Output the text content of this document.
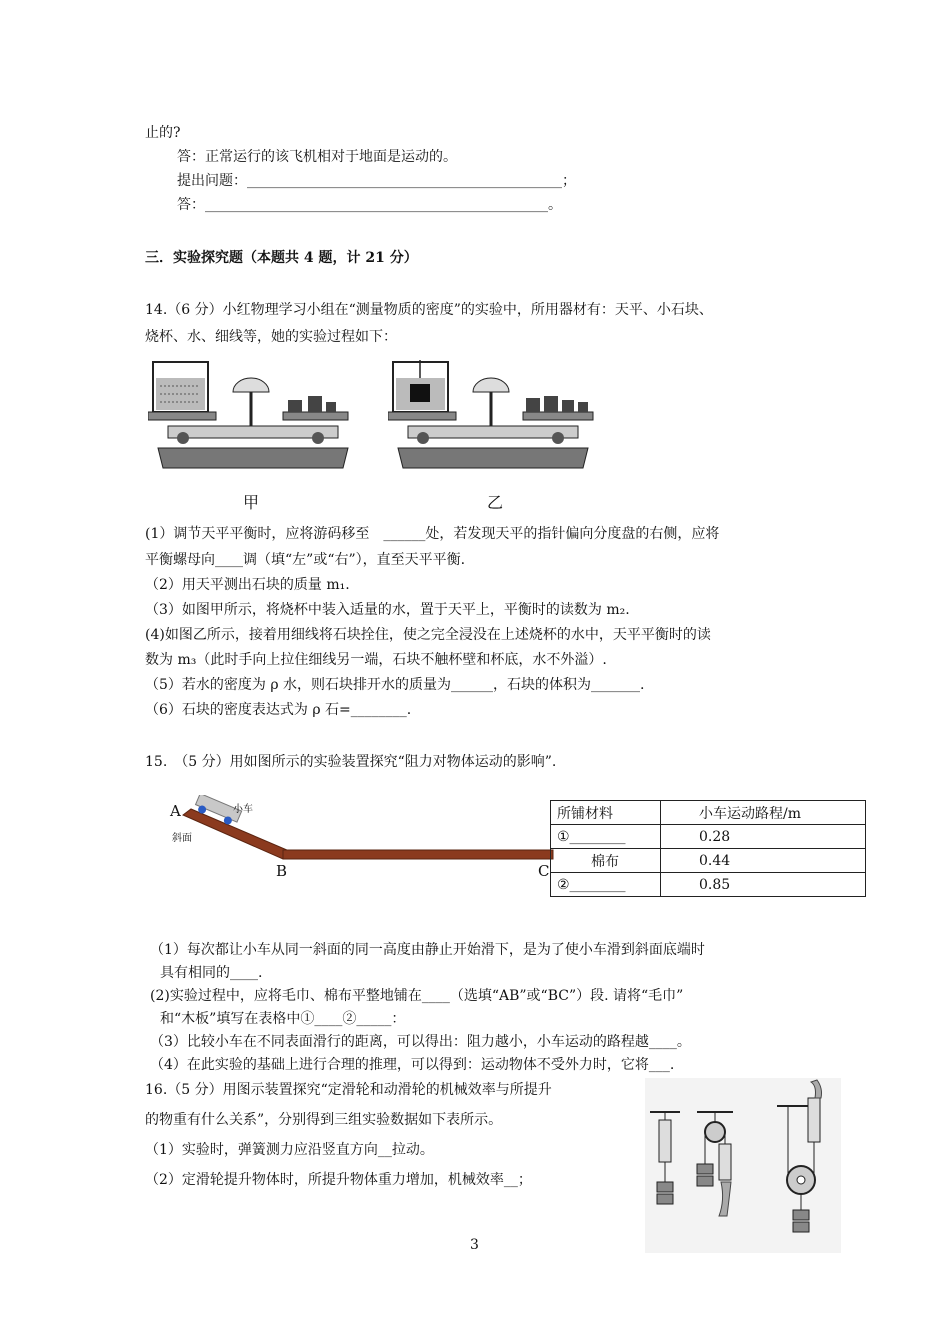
止的?
答：正常运行的该飞机相对于地面是运动的。
提出问题：_____________________________________________；
答：_________________________________________________。
三．实验探究题（本题共 4 题，计 21 分）
14.（6 分）小红物理学习小组在“测量物质的密度”的实验中，所用器材有：天平、小石块、
烧杯、水、细线等，她的实验过程如下：
甲	乙
(1）调节天平平衡时，应将游码移至　______处，若发现天平的指针偏向分度盘的右侧，应将
平衡螺母向____调（填“左”或“右”），直至天平平衡.
（2）用天平测出石块的质量 m₁.
（3）如图甲所示，将烧杯中装入适量的水，置于天平上，平衡时的读数为 m₂.
(4)如图乙所示，接着用细线将石块拴住，使之完全浸没在上述烧杯的水中，天平平衡时的读
数为 m₃（此时手向上拉住细线另一端，石块不触杯壁和杯底，水不外溢）.
（5）若水的密度为 ρ 水，则石块排开水的质量为______，石块的体积为_______.
（6）石块的密度表达式为 ρ 石=________.
15.　（5 分）用如图所示的实验装置探究“阻力对物体运动的影响”.
A	小车
斜面
B	C
所铺材料	小车运动路程/m
①________	0.28
棉布	0.44
②________	0.85
（1）每次都让小车从同一斜面的同一高度由静止开始滑下，是为了使小车滑到斜面底端时
具有相同的____.
(2)实验过程中，应将毛巾、棉布平整地铺在____（选填“AB”或“BC”）段. 请将“毛巾”
和“木板”填写在表格中①____②_____：
（3）比较小车在不同表面滑行的距离，可以得出：阻力越小，小车运动的路程越____。
（4）在此实验的基础上进行合理的推理，可以得到：运动物体不受外力时，它将___.
16.（5 分）用图示装置探究“定滑轮和动滑轮的机械效率与所提升
的物重有什么关系”，分别得到三组实验数据如下表所示。
（1）实验时，弹簧测力应沿竖直方向__拉动。
（2）定滑轮提升物体时，所提升物体重力增加，机械效率__；
3
